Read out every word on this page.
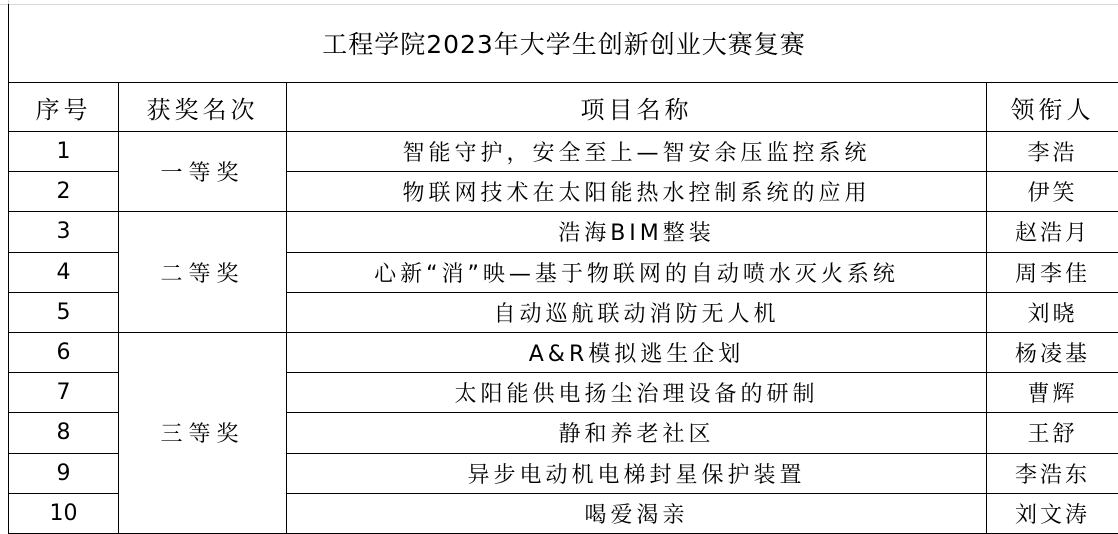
工程学院2023年大学生创新创业大赛复赛
序号	获奖名次	项目名称	领衔人
1	一等奖	智能守护，安全至上—智安余压监控系统	李浩
2		物联网技术在太阳能热水控制系统的应用	伊笑
3	二等奖	浩海BIM整装	赵浩月
4		心新“消”映—基于物联网的自动喷水灭火系统	周李佳
5		自动巡航联动消防无人机	刘晓
6	三等奖	A&R模拟逃生企划	杨凌基
7		太阳能供电扬尘治理设备的研制	曹辉
8		静和养老社区	王舒
9		异步电动机电梯封星保护装置	李浩东
10		喝爱渴亲	刘文涛
